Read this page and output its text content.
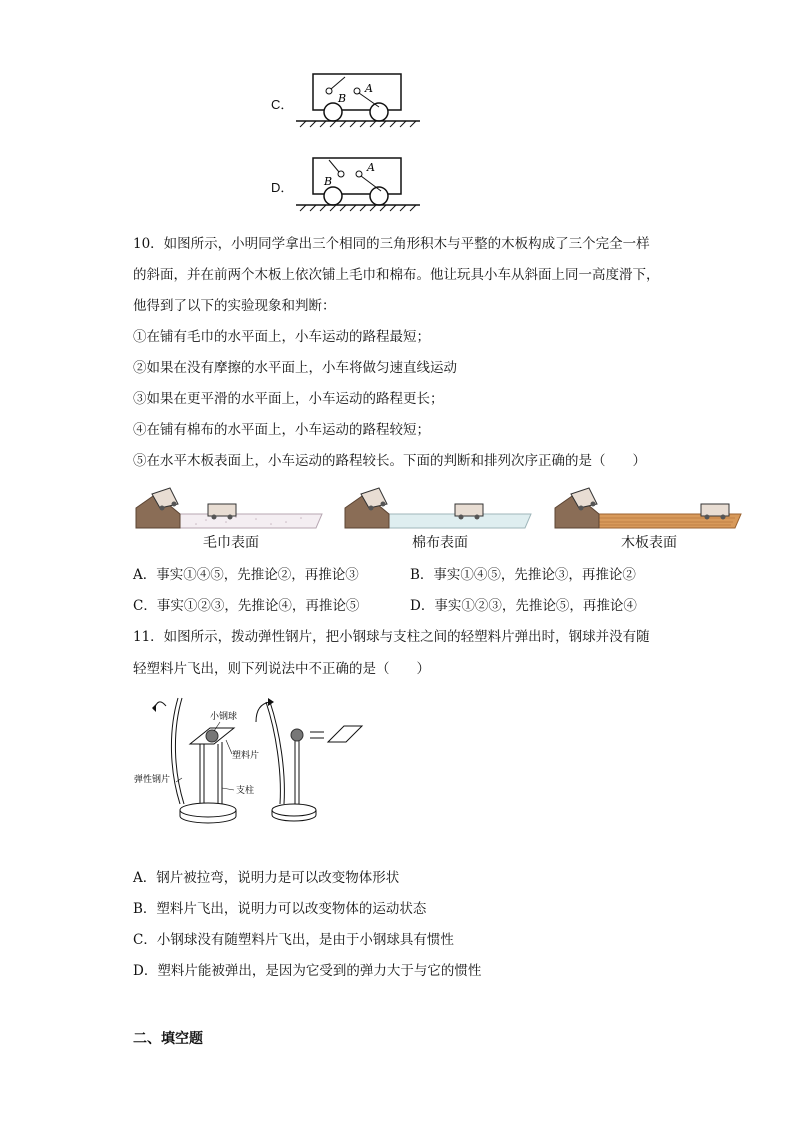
C．	B
A
D．	B
A
10．如图所示，小明同学拿出三个相同的三角形积木与平整的木板构成了三个完全一样
的斜面，并在前两个木板上依次铺上毛巾和棉布。他让玩具小车从斜面上同一高度滑下，
他得到了以下的实验现象和判断：
①在铺有毛巾的水平面上，小车运动的路程最短；
②如果在没有摩擦的水平面上，小车将做匀速直线运动
③如果在更平滑的水平面上，小车运动的路程更长；
④在铺有棉布的水平面上，小车运动的路程较短；
⑤在水平木板表面上，小车运动的路程较长。下面的判断和排列次序正确的是（　　）
毛巾表面	棉布表面	木板表面
A．事实①④⑤，先推论②，再推论③	B．事实①④⑤，先推论③，再推论②
C．事实①②③，先推论④，再推论⑤	D．事实①②③，先推论⑤，再推论④
11．如图所示，拨动弹性钢片，把小钢球与支柱之间的轻塑料片弹出时，钢球并没有随
轻塑料片飞出，则下列说法中不正确的是（　　）
小钢球
塑料片
弹性钢片
支柱
A．钢片被拉弯，说明力是可以改变物体形状
B．塑料片飞出，说明力可以改变物体的运动状态
C．小钢球没有随塑料片飞出，是由于小钢球具有惯性
D．塑料片能被弹出，是因为它受到的弹力大于与它的惯性
二、填空题
